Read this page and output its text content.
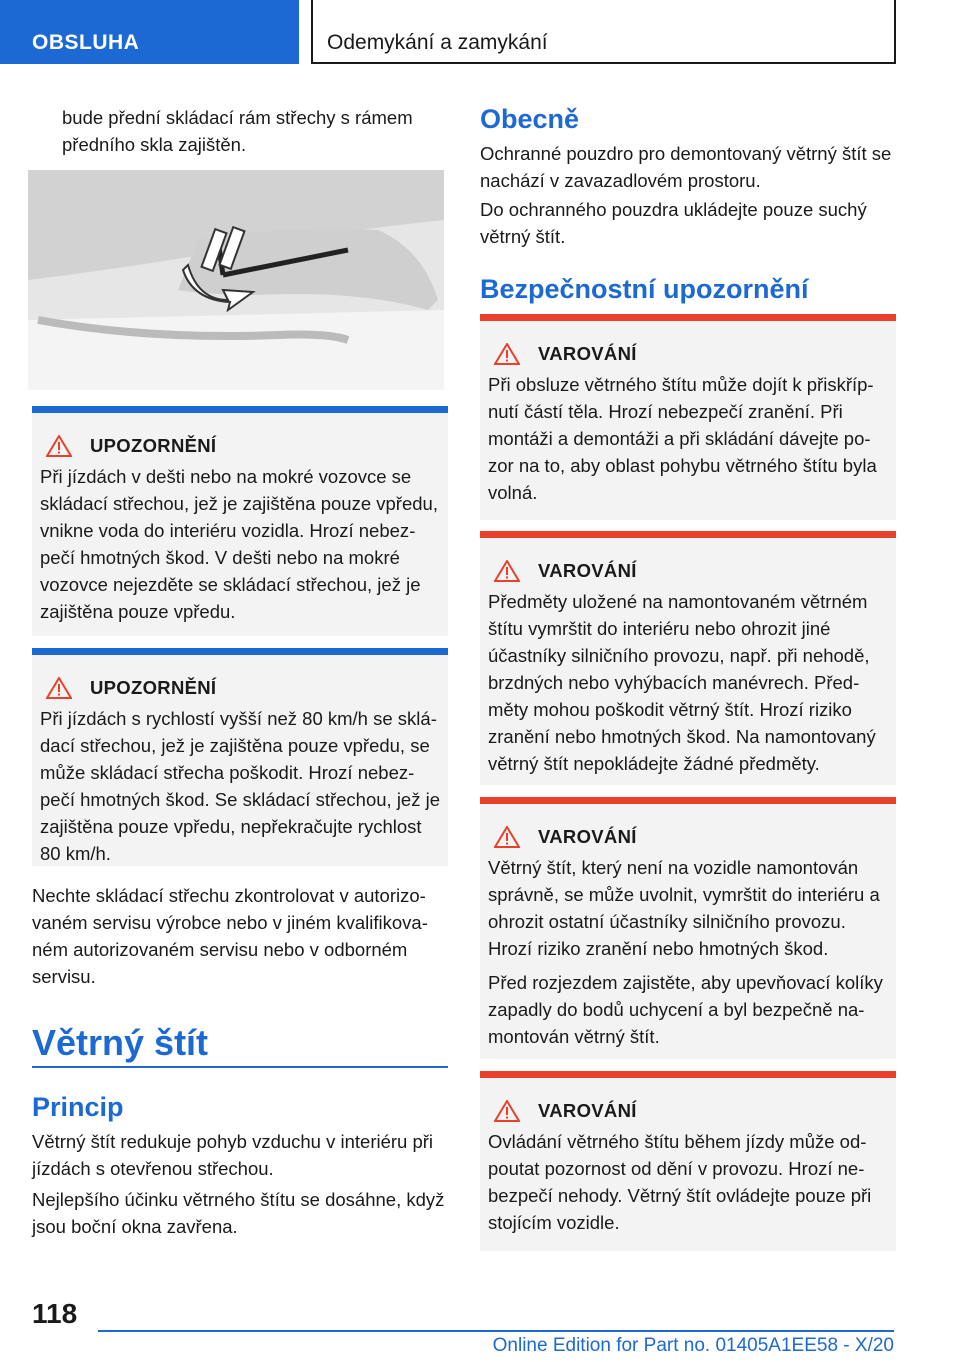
OBSLUHA	Odemykání a zamykání

bude přední skládací rám střechy s rámem předního skla zajištěn.

UPOZORNĚNÍ

Při jízdách v dešti nebo na mokré vozovce se skládací střechou, jež je zajištěna pouze vpředu, vnikne voda do interiéru vozidla. Hrozí nebezpečí hmotných škod. V dešti nebo na mokré vozovce nejezděte se skládací střechou, jež je zajištěna pouze vpředu.

UPOZORNĚNÍ

Při jízdách s rychlostí vyšší než 80 km/h se skládací střechou, jež je zajištěna pouze vpředu, se může skládací střecha poškodit. Hrozí nebezpečí hmotných škod. Se skládací střechou, jež je zajištěna pouze vpředu, nepřekračujte rychlost 80 km/h.

Nechte skládací střechu zkontrolovat v autorizovaném servisu výrobce nebo v jiném kvalifikovaném autorizovaném servisu nebo v odborném servisu.

Větrný štít
Princip

Větrný štít redukuje pohyb vzduchu v interiéru při jízdách s otevřenou střechou.

Nejlepšího účinku větrného štítu se dosáhne, když jsou boční okna zavřena.

Obecně

Ochranné pouzdro pro demontovaný větrný štít se nachází v zavazadlovém prostoru.

Do ochranného pouzdra ukládejte pouze suchý větrný štít.

Bezpečnostní upozornění
VAROVÁNÍ

Při obsluze větrného štítu může dojít k přiskřípnutí částí těla. Hrozí nebezpečí zranění. Při montáži a demontáži a při skládání dávejte pozor na to, aby oblast pohybu větrného štítu byla volná.

VAROVÁNÍ

Předměty uložené na namontovaném větrném štítu vymrštit do interiéru nebo ohrozit jiné účastníky silničního provozu, např. při nehodě, brzdných nebo vyhýbacích manévrech. Předměty mohou poškodit větrný štít. Hrozí riziko zranění nebo hmotných škod. Na namontovaný větrný štít nepokládejte žádné předměty.

VAROVÁNÍ

Větrný štít, který není na vozidle namontován správně, se může uvolnit, vymrštit do interiéru a ohrozit ostatní účastníky silničního provozu. Hrozí riziko zranění nebo hmotných škod.

Před rozjezdem zajistěte, aby upevňovací kolíky zapadly do bodů uchycení a byl bezpečně namontován větrný štít.

VAROVÁNÍ

Ovládání větrného štítu během jízdy může odpoutat pozornost od dění v provozu. Hrozí nebezpečí nehody. Větrný štít ovládejte pouze při stojícím vozidle.

118
Online Edition for Part no. 01405A1EE58 - X/20
